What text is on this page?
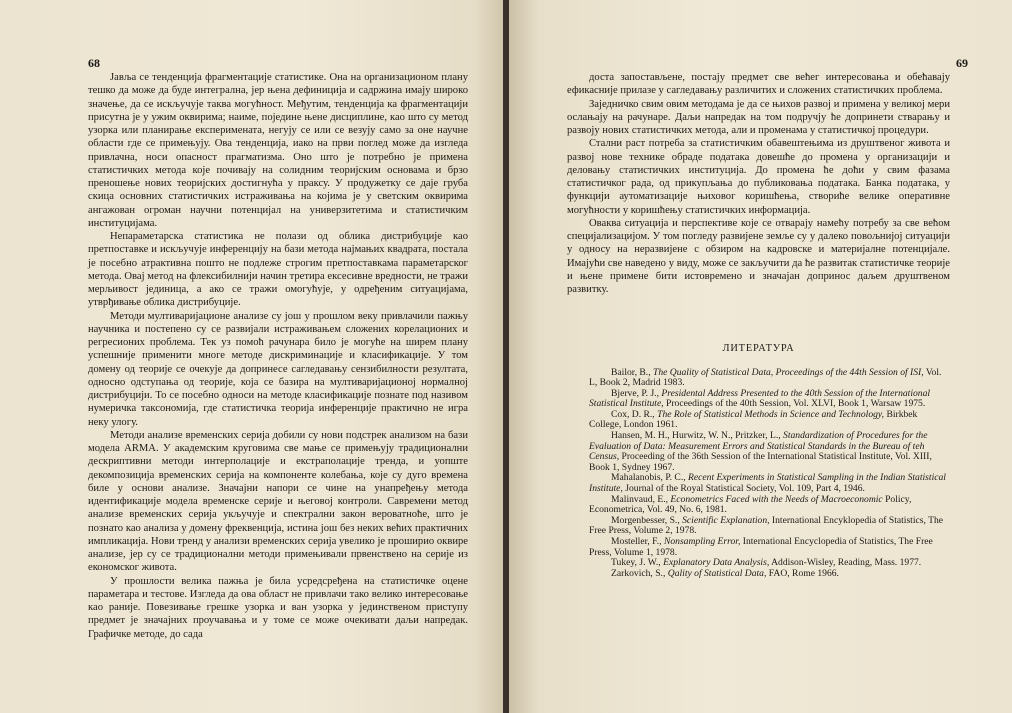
68

Јавља се тенденција фрагментације статистике. Она на организационом плану тешко да може да буде интегрална, јер њена дефиниција и садржина имају широко значење, да се искључује таква могућност. Међутим, тенденција ка фрагментацији присутна је у ужим оквирима; наиме, поједине њене дисциплине, као што су метод узорка или планирање експеримената, негују се или се везују само за оне научне области где се примењују. Ова тенденција, иако на први поглед може да изгледа привлачна, носи опасност прагматизма. Оно што је потребно је примена статистичких метода које почивају на солидним теоријским основама и брзо преношење нових теоријских достигнућа у праксу. У продужетку се даје груба скица основних статистичких истраживања на којима је у светским оквирима ангажован огроман научни потенцијал на универзитетима и статистичким институцијама.

Непараметарска статистика не полази од облика дистрибуције као претпоставке и искључује инференцију на бази метода најмањих квадрата, постала је посебно атрактивна пошто не подлеже строгим претпоставкама параметарског метода. Овај метод на флексибилнији начин третира ексесивне вредности, не тражи мерљивост јединица, а ако се тражи омогућује, у одређеним ситуацијама, утврђивање облика дистрибуције.

Методи мултиваријационе анализе су још у прошлом веку привлачили пажњу научника и постепено су се развијали истраживањем сложених корелационих и регресионих проблема. Тек уз помоћ рачунара било је могуће на ширем плану успешније применити многе методе дискриминације и класификације. У том домену од теорије се очекује да допринесе сагледавању сензибилности резултата, односно одступања од теорије, која се базира на мултиваријационој нормалној дистрибуцији. То се посебно односи на методе класификације познате под називом нумеричка таксономија, где статистичка теорија инференције практично не игра неку улогу.

Методи анализе временских серија добили су нови подстрек анализом на бази модела ARMA. У академским круговима све мање се примењују традиционални дескриптивни методи интерполације и екстраполације тренда, и уопште декомпозиција временских серија на компоненте колебања, које су дуго времена биле у основи анализе. Значајни напори се чине на унапређењу метода идентификације модела временске серије и његовој контроли. Савремени метод анализе временских серија укључује и спектрални закон вероватноће, што је познато као анализа у домену фреквенција, истина још без неких већих практичних импликација. Нови тренд у анализи временских серија увелико је проширио оквире анализе, јер су се традиционални методи примењивали првенствено на серије из економског живота.

У прошлости велика пажња је била усредсређена на статистичке оцене параметара и тестове. Изгледа да ова област не привлачи тако велико интересовање као раније. Повезивање грешке узорка и ван узорка у јединственом приступу предмет је значајних проучавања и у томе се може очекивати даљи напредак. Графичке методе, до сада

69

доста запостављене, постају предмет све већег интересовања и обећавају ефикасније прилазе у сагледавању различитих и сложених статистичких проблема.

Заједничко свим овим методама је да се њихов развој и примена у великој мери ослањају на рачунаре. Даљи напредак на том подручју ће допринети стварању и развоју нових статистичких метода, али и променама у статистичкој процедури.

Стални раст потреба за статистичким обавештењима из друштвеног живота и развој нове технике обраде података довешће до промена у организацији и деловању статистичких институција. До промена ће доћи у свим фазама статистичког рада, од прикупљања до публиковања података. Банка података, у функцији аутоматизације њиховог коришћења, створиће велике оперативне могућности у коришћењу статистичких информација.

Оваква ситуација и перспективе које се отварају намећу потребу за све већом специјализацијом. У том погледу развијене земље су у далеко повољнијој ситуацији у односу на неразвијене с обзиром на кадровске и материјалне потенцијале. Имајући све наведено у виду, може се закључити да ће развитак статистичке теорије и њене примене бити истовремено и значајан допринос даљем друштвеном развитку.

ЛИТЕРАТУРА

Bailor, B., The Quality of Statistical Data, Proceedings of the 44th Session of ISI, Vol. L, Book 2, Madrid 1983.

Bjerve, P. J., Presidental Address Presented to the 40th Session of the International Statistical Institute, Proceedings of the 40th Session, Vol. XLVI, Book 1, Warsaw 1975.

Cox, D. R., The Role of Statistical Methods in Science and Technology, Birkbek College, London 1961.

Hansen, M. H., Hurwitz, W. N., Pritzker, L., Standardization of Procedures for the Evaluation of Data: Measurement Errors and Statistical Standards in the Bureau of teh Census, Proceeding of the 36th Session of the International Statistical Institute, Vol. XIII, Book 1, Sydney 1967.

Mahalanobis, P. C., Recent Experiments in Statistical Sampling in the Indian Statistical Institute, Journal of the Royal Statistical Society, Vol. 109, Part 4, 1946.

Malinvaud, E., Econometrics Faced with the Needs of Macroeconomic Policy, Econometrica, Vol. 49, No. 6, 1981.

Morgenbesser, S., Scientific Explanation, International Encyklopedia of Statistics, The Free Press, Volume 2, 1978.

Mosteller, F., Nonsampling Error, International Encyclopedia of Statistics, The Free Press, Volume 1, 1978.

Tukey, J. W., Explanatory Data Analysis, Addison-Wisley, Reading, Mass. 1977.

Zarkovich, S., Qality of Statistical Data, FAO, Rome 1966.
